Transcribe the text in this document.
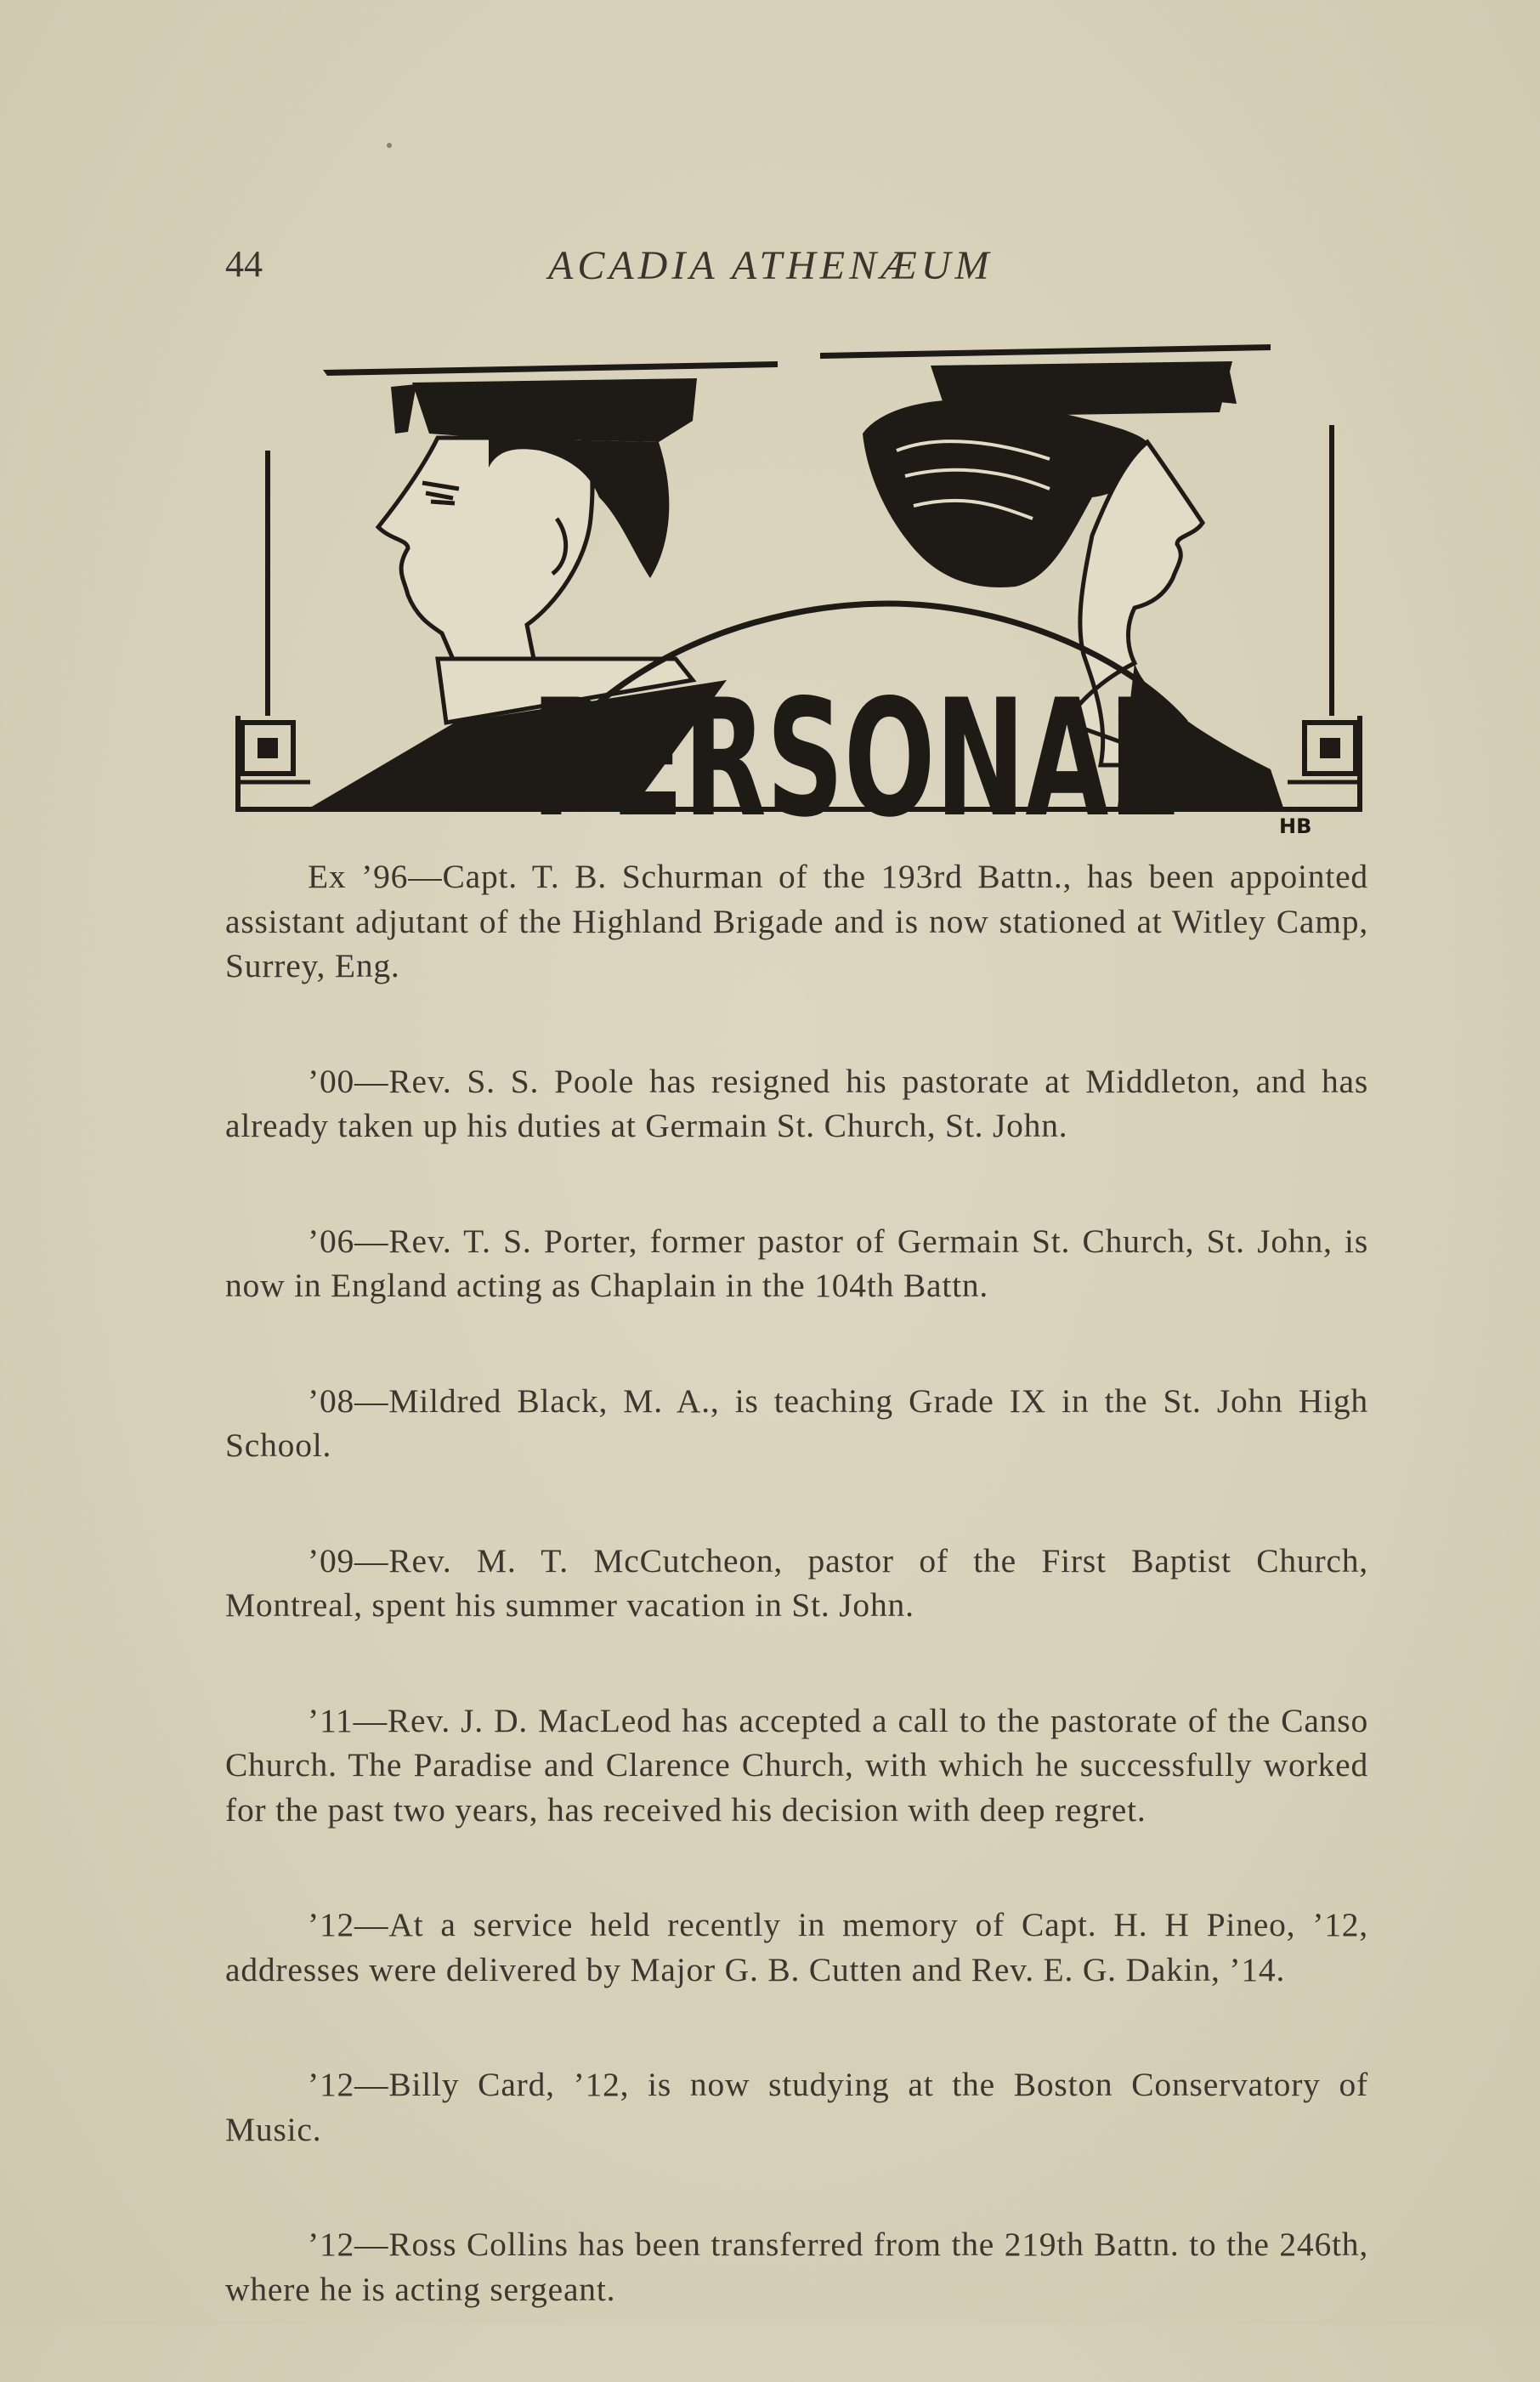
44	ACADIA ATHENÆUM
PERSONAL	HB

Ex ’96—Capt. T. B. Schurman of the 193rd Battn., has been appointed assistant adjutant of the Highland Brigade and is now stationed at Witley Camp, Surrey, Eng.

’00—Rev. S. S. Poole has resigned his pastorate at Middleton, and has already taken up his duties at Germain St. Church, St. John.

’06—Rev. T. S. Porter, former pastor of Germain St. Church, St. John, is now in England acting as Chaplain in the 104th Battn.

’08—Mildred Black, M. A., is teaching Grade IX in the St. John High School.

’09—Rev. M. T. McCutcheon, pastor of the First Baptist Church, Montreal, spent his summer vacation in St. John.

’11—Rev. J. D. MacLeod has accepted a call to the pastorate of the Canso Church. The Paradise and Clarence Church, with which he successfully worked for the past two years, has received his decision with deep regret.

’12—At a service held recently in memory of Capt. H. H Pineo, ’12, addresses were delivered by Major G. B. Cutten and Rev. E. G. Dakin, ’14.

’12—Billy Card, ’12, is now studying at the Boston Conservatory of Music.

’12—Ross Collins has been transferred from the 219th Battn. to the 246th, where he is acting sergeant.
